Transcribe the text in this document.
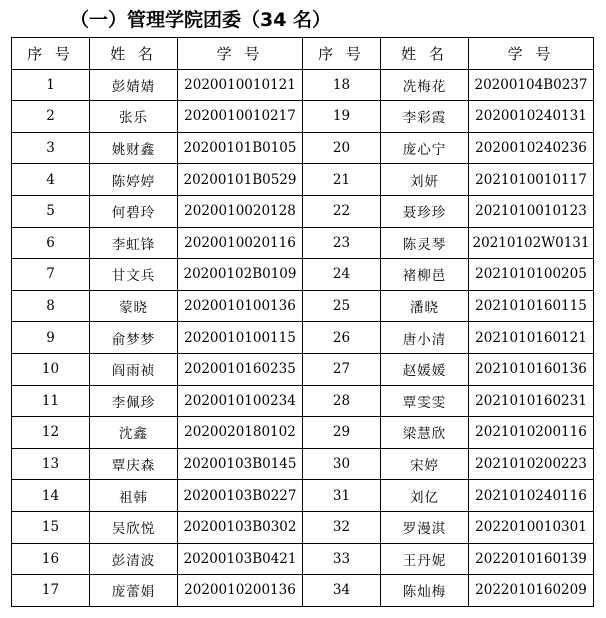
（一）管理学院团委（34 名）
序 号	姓 名	学 号	序 号	姓 名	学 号
1	彭婧婧	2020010010121	18	冼梅花	20200104B0237
2	张乐	2020010010217	19	李彩霞	2020010240131
3	姚财鑫	20200101B0105	20	庞心宁	2020010240236
4	陈婷婷	20200101B0529	21	刘妍	2021010010117
5	何碧玲	2020010020128	22	聂珍珍	2021010010123
6	李虹锋	2020010020116	23	陈灵琴	20210102W0131
7	甘文兵	20200102B0109	24	褚柳邑	2021010100205
8	蒙晓	2020010100136	25	潘晓	2021010160115
9	俞梦梦	2020010100115	26	唐小清	2021010160121
10	阎雨祯	2020010160235	27	赵媛媛	2021010160136
11	李佩珍	2020010100234	28	覃雯雯	2021010160231
12	沈鑫	2020020180102	29	梁慧欣	2021010200116
13	覃庆森	20200103B0145	30	宋婷	2021010200223
14	祖韩	20200103B0227	31	刘亿	2021010240116
15	吴欣悦	20200103B0302	32	罗漫淇	2022010010301
16	彭清波	20200103B0421	33	王丹妮	2022010160139
17	庞蕾娟	2020010200136	34	陈灿梅	2022010160209
